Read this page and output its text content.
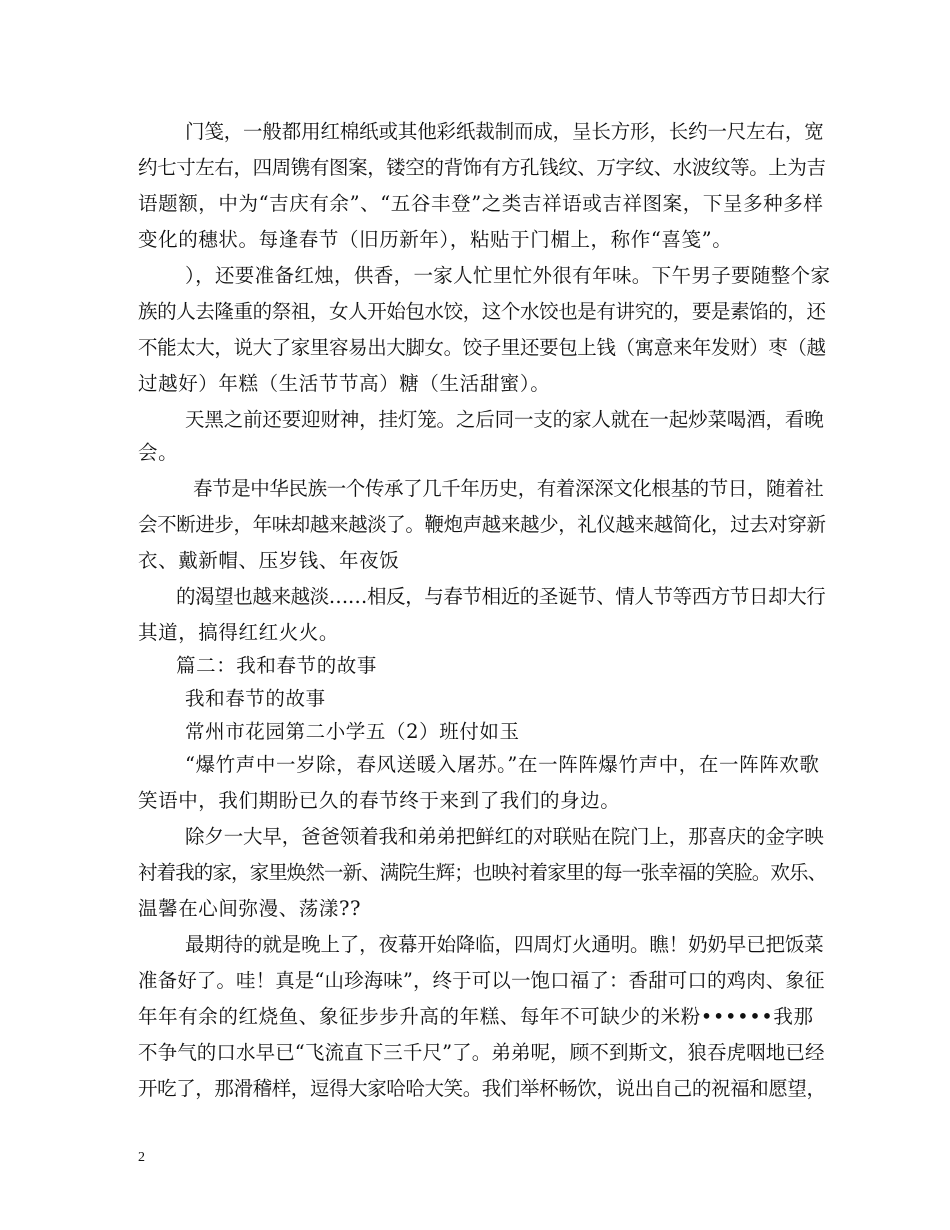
门笺，一般都用红棉纸或其他彩纸裁制而成，呈长方形，长约一尺左右，宽
约七寸左右，四周镌有图案，镂空的背饰有方孔钱纹、万字纹、水波纹等。上为吉
语题额，中为“吉庆有余”、“五谷丰登”之类吉祥语或吉祥图案，下呈多种多样
变化的穗状。每逢春节（旧历新年），粘贴于门楣上，称作“喜笺”。
），还要准备红烛，供香，一家人忙里忙外很有年味。下午男子要随整个家
族的人去隆重的祭祖，女人开始包水饺，这个水饺也是有讲究的，要是素馅的，还
不能太大，说大了家里容易出大脚女。饺子里还要包上钱（寓意来年发财）枣（越
过越好）年糕（生活节节高）糖（生活甜蜜）。
天黑之前还要迎财神，挂灯笼。之后同一支的家人就在一起炒菜喝酒，看晚
会。
春节是中华民族一个传承了几千年历史，有着深深文化根基的节日，随着社
会不断进步，年味却越来越淡了。鞭炮声越来越少，礼仪越来越简化，过去对穿新
衣、戴新帽、压岁钱、年夜饭
的渴望也越来越淡……相反，与春节相近的圣诞节、情人节等西方节日却大行
其道，搞得红红火火。
篇二：我和春节的故事
我和春节的故事
常州市花园第二小学五（2）班付如玉
“爆竹声中一岁除，春风送暖入屠苏。”在一阵阵爆竹声中，在一阵阵欢歌
笑语中，我们期盼已久的春节终于来到了我们的身边。
除夕一大早，爸爸领着我和弟弟把鲜红的对联贴在院门上，那喜庆的金字映
衬着我的家，家里焕然一新、满院生辉；也映衬着家里的每一张幸福的笑脸。欢乐、
温馨在心间弥漫、荡漾??
最期待的就是晚上了，夜幕开始降临，四周灯火通明。瞧！奶奶早已把饭菜
准备好了。哇！真是“山珍海味”，终于可以一饱口福了：香甜可口的鸡肉、象征
年年有余的红烧鱼、象征步步升高的年糕、每年不可缺少的米粉••••••我那
不争气的口水早已“飞流直下三千尺”了。弟弟呢，顾不到斯文，狼吞虎咽地已经
开吃了，那滑稽样，逗得大家哈哈大笑。我们举杯畅饮，说出自己的祝福和愿望，
2
